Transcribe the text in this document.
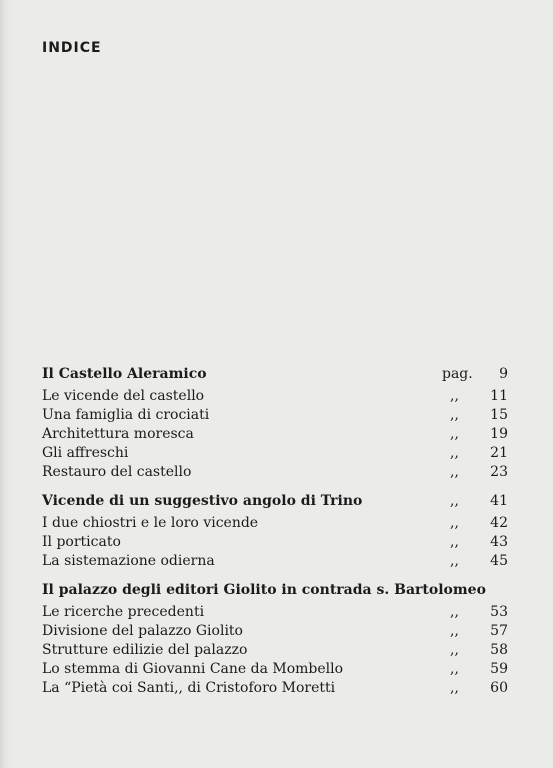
INDICE
Il Castello Aleramico	pag.	9
Le vicende del castello	,,	11
Una famiglia di crociati	,,	15
Architettura moresca	,,	19
Gli affreschi	,,	21
Restauro del castello	,,	23
Vicende di un suggestivo angolo di Trino	,,	41
I due chiostri e le loro vicende	,,	42
Il porticato	,,	43
La sistemazione odierna	,,	45
Il palazzo degli editori Giolito in contrada s. Bartolomeo
Le ricerche precedenti	,,	53
Divisione del palazzo Giolito	,,	57
Strutture edilizie del palazzo	,,	58
Lo stemma di Giovanni Cane da Mombello	,,	59
La “Pietà coi Santi,, di Cristoforo Moretti	,,	60
